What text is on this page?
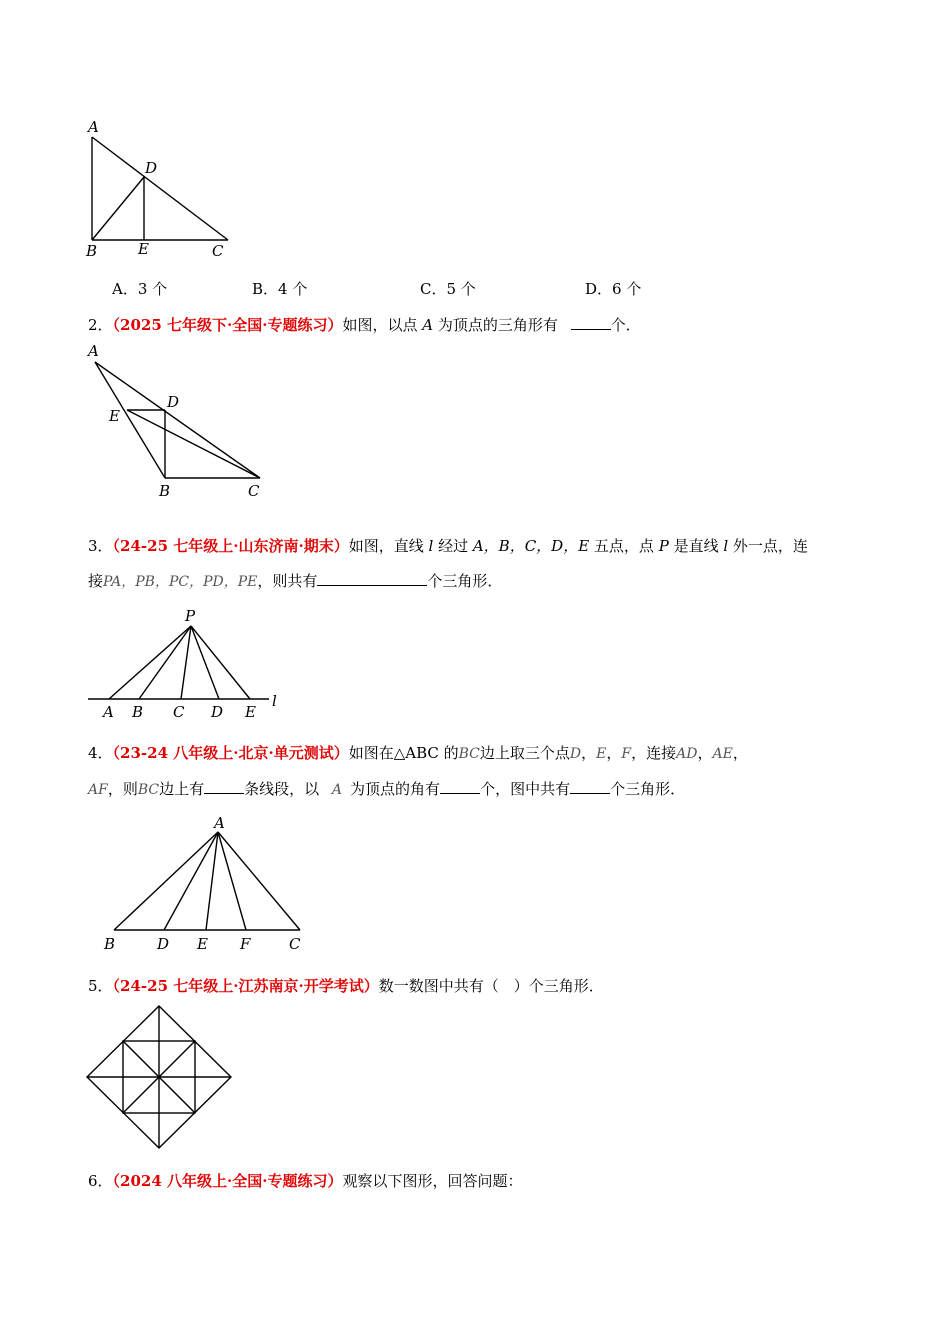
A
D
B	E	C
A．3 个	B．4 个	C．5 个	D．6 个
2．（2025 七年级下·全国·专题练习）如图，以点 A 为顶点的三角形有	个．
A
D
E
B	C
3．（24-25 七年级上·山东济南·期末）如图，直线 l 经过 A，B，C，D，E 五点，点 P 是直线 l 外一点，连
接PA，PB，PC，PD，PE，则共有	个三角形．
P
A B C D E
l
4．（23-24 八年级上·北京·单元测试）如图在△ABC 的BC边上取三个点D，E，F，连接AD，AE，
AF，则BC边上有	条线段，以 A 为顶点的角有	个，图中共有	个三角形．
A
B	D E F	C
5．（24-25 七年级上·江苏南京·开学考试）数一数图中共有（　）个三角形．
6．（2024 八年级上·全国·专题练习）观察以下图形，回答问题：
